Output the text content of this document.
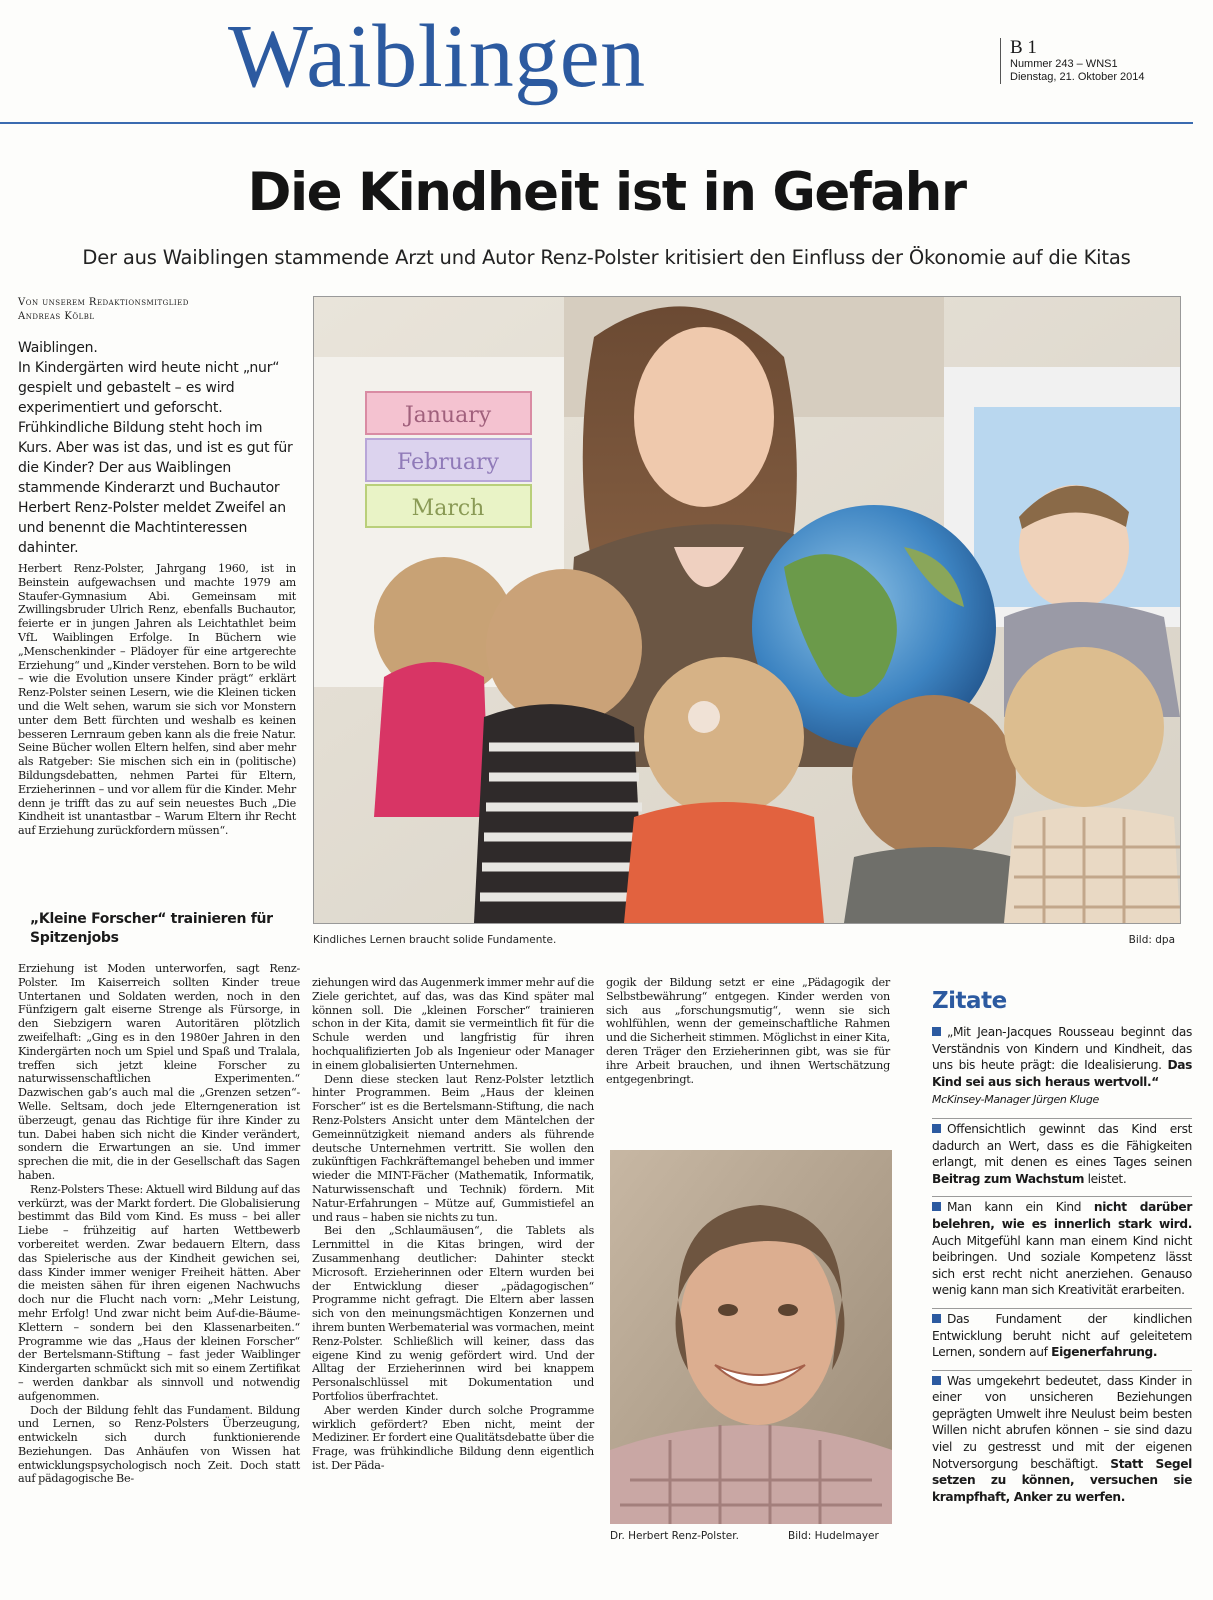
Waiblingen	B 1
Nummer 243 – WNS1
Dienstag, 21. Oktober 2014
Die Kindheit ist in Gefahr
Der aus Waiblingen stammende Arzt und Autor Renz-Polster kritisiert den Einfluss der Ökonomie auf die Kitas
Von unserem Redaktionsmitglied
Andreas Kölbl

Waiblingen.

In Kindergärten wird heute nicht „nur“ gespielt und gebastelt – es wird experimentiert und geforscht. Frühkindliche Bildung steht hoch im Kurs. Aber was ist das, und ist es gut für die Kinder? Der aus Waiblingen stammende Kinderarzt und Buchautor Herbert Renz-Polster meldet Zweifel an und benennt die Machtinteressen dahinter.

Herbert Renz-Polster, Jahrgang 1960, ist in Beinstein aufgewachsen und machte 1979 am Staufer-Gymnasium Abi. Gemeinsam mit Zwillingsbruder Ulrich Renz, ebenfalls Buchautor, feierte er in jungen Jahren als Leichtathlet beim VfL Waiblingen Erfolge. In Büchern wie „Menschenkinder – Plädoyer für eine artgerechte Erziehung“ und „Kinder verstehen. Born to be wild – wie die Evolution unsere Kinder prägt“ erklärt Renz-Polster seinen Lesern, wie die Kleinen ticken und die Welt sehen, warum sie sich vor Monstern unter dem Bett fürchten und weshalb es keinen besseren Lernraum geben kann als die freie Natur. Seine Bücher wollen Eltern helfen, sind aber mehr als Ratgeber: Sie mischen sich ein in (politische) Bildungsdebatten, nehmen Partei für Eltern, Erzieherinnen – und vor allem für die Kinder. Mehr denn je trifft das zu auf sein neuestes Buch „Die Kindheit ist unantastbar – Warum Eltern ihr Recht auf Erziehung zurückfordern müssen“.

„Kleine Forscher“ trainieren für Spitzenjobs
January
February
March
Kindliches Lernen braucht solide Fundamente.	Bild: dpa

Erziehung ist Moden unterworfen, sagt Renz-Polster. Im Kaiserreich sollten Kinder treue Untertanen und Soldaten werden, noch in den Fünfzigern galt eiserne Strenge als Fürsorge, in den Siebzigern waren Autoritären plötzlich zweifelhaft: „Ging es in den 1980er Jahren in den Kindergärten noch um Spiel und Spaß und Tralala, treffen sich jetzt kleine Forscher zu naturwissenschaftlichen Experimenten.“ Dazwischen gab’s auch mal die „Grenzen setzen“-Welle. Seltsam, doch jede Elterngeneration ist überzeugt, genau das Richtige für ihre Kinder zu tun. Dabei haben sich nicht die Kinder verändert, sondern die Erwartungen an sie. Und immer sprechen die mit, die in der Gesellschaft das Sagen haben.

Renz-Polsters These: Aktuell wird Bildung auf das verkürzt, was der Markt fordert. Die Globalisierung bestimmt das Bild vom Kind. Es muss – bei aller Liebe – frühzeitig auf harten Wettbewerb vorbereitet werden. Zwar bedauern Eltern, dass das Spielerische aus der Kindheit gewichen sei, dass Kinder immer weniger Freiheit hätten. Aber die meisten sähen für ihren eigenen Nachwuchs doch nur die Flucht nach vorn: „Mehr Leistung, mehr Erfolg! Und zwar nicht beim Auf-die-Bäume-Klettern – sondern bei den Klassenarbeiten.“ Programme wie das „Haus der kleinen Forscher“ der Bertelsmann-Stiftung – fast jeder Waiblinger Kindergarten schmückt sich mit so einem Zertifikat – werden dankbar als sinnvoll und notwendig aufgenommen.

Doch der Bildung fehlt das Fundament. Bildung und Lernen, so Renz-Polsters Überzeugung, entwickeln sich durch funktionierende Beziehungen. Das Anhäufen von Wissen hat entwicklungspsychologisch noch Zeit. Doch statt auf pädagogische Be-

ziehungen wird das Augenmerk immer mehr auf die Ziele gerichtet, auf das, was das Kind später mal können soll. Die „kleinen Forscher“ trainieren schon in der Kita, damit sie vermeintlich fit für die Schule werden und langfristig für ihren hochqualifizierten Job als Ingenieur oder Manager in einem globalisierten Unternehmen.

Denn diese stecken laut Renz-Polster letztlich hinter Programmen. Beim „Haus der kleinen Forscher“ ist es die Bertelsmann-Stiftung, die nach Renz-Polsters Ansicht unter dem Mäntelchen der Gemeinnützigkeit niemand anders als führende deutsche Unternehmen vertritt. Sie wollen den zukünftigen Fachkräftemangel beheben und immer wieder die MINT-Fächer (Mathematik, Informatik, Naturwissenschaft und Technik) fördern. Mit Natur-Erfahrungen – Mütze auf, Gummistiefel an und raus – haben sie nichts zu tun.

Bei den „Schlaumäusen“, die Tablets als Lernmittel in die Kitas bringen, wird der Zusammenhang deutlicher: Dahinter steckt Microsoft. Erzieherinnen oder Eltern wurden bei der Entwicklung dieser „pädagogischen“ Programme nicht gefragt. Die Eltern aber lassen sich von den meinungsmächtigen Konzernen und ihrem bunten Werbematerial was vormachen, meint Renz-Polster. Schließlich will keiner, dass das eigene Kind zu wenig gefördert wird. Und der Alltag der Erzieherinnen wird bei knappem Personalschlüssel mit Dokumentation und Portfolios überfrachtet.

Aber werden Kinder durch solche Programme wirklich gefördert? Eben nicht, meint der Mediziner. Er fordert eine Qualitätsdebatte über die Frage, was frühkindliche Bildung denn eigentlich ist. Der Päda-

gogik der Bildung setzt er eine „Pädagogik der Selbstbewährung“ entgegen. Kinder werden von sich aus „forschungsmutig“, wenn sie sich wohlfühlen, wenn der gemeinschaftliche Rahmen und die Sicherheit stimmen. Möglichst in einer Kita, deren Träger den Erzieherinnen gibt, was sie für ihre Arbeit brauchen, und ihnen Wertschätzung entgegenbringt.

Dr. Herbert Renz-Polster.	Bild: Hudelmayer
Zitate
„Mit Jean-Jacques Rousseau beginnt das Verständnis von Kindern und Kindheit, das uns bis heute prägt: die Idealisierung. Das Kind sei aus sich heraus wertvoll.“
McKinsey-Manager Jürgen Kluge
Offensichtlich gewinnt das Kind erst dadurch an Wert, dass es die Fähigkeiten erlangt, mit denen es eines Tages seinen Beitrag zum Wachstum leistet.
Man kann ein Kind nicht darüber belehren, wie es innerlich stark wird. Auch Mitgefühl kann man einem Kind nicht beibringen. Und soziale Kompetenz lässt sich erst recht nicht anerziehen. Genauso wenig kann man sich Kreativität erarbeiten.
Das Fundament der kindlichen Entwicklung beruht nicht auf geleitetem Lernen, sondern auf Eigenerfahrung.
Was umgekehrt bedeutet, dass Kinder in einer von unsicheren Beziehungen geprägten Umwelt ihre Neulust beim besten Willen nicht abrufen können – sie sind dazu viel zu gestresst und mit der eigenen Notversorgung beschäftigt. Statt Segel setzen zu können, versuchen sie krampfhaft, Anker zu werfen.
